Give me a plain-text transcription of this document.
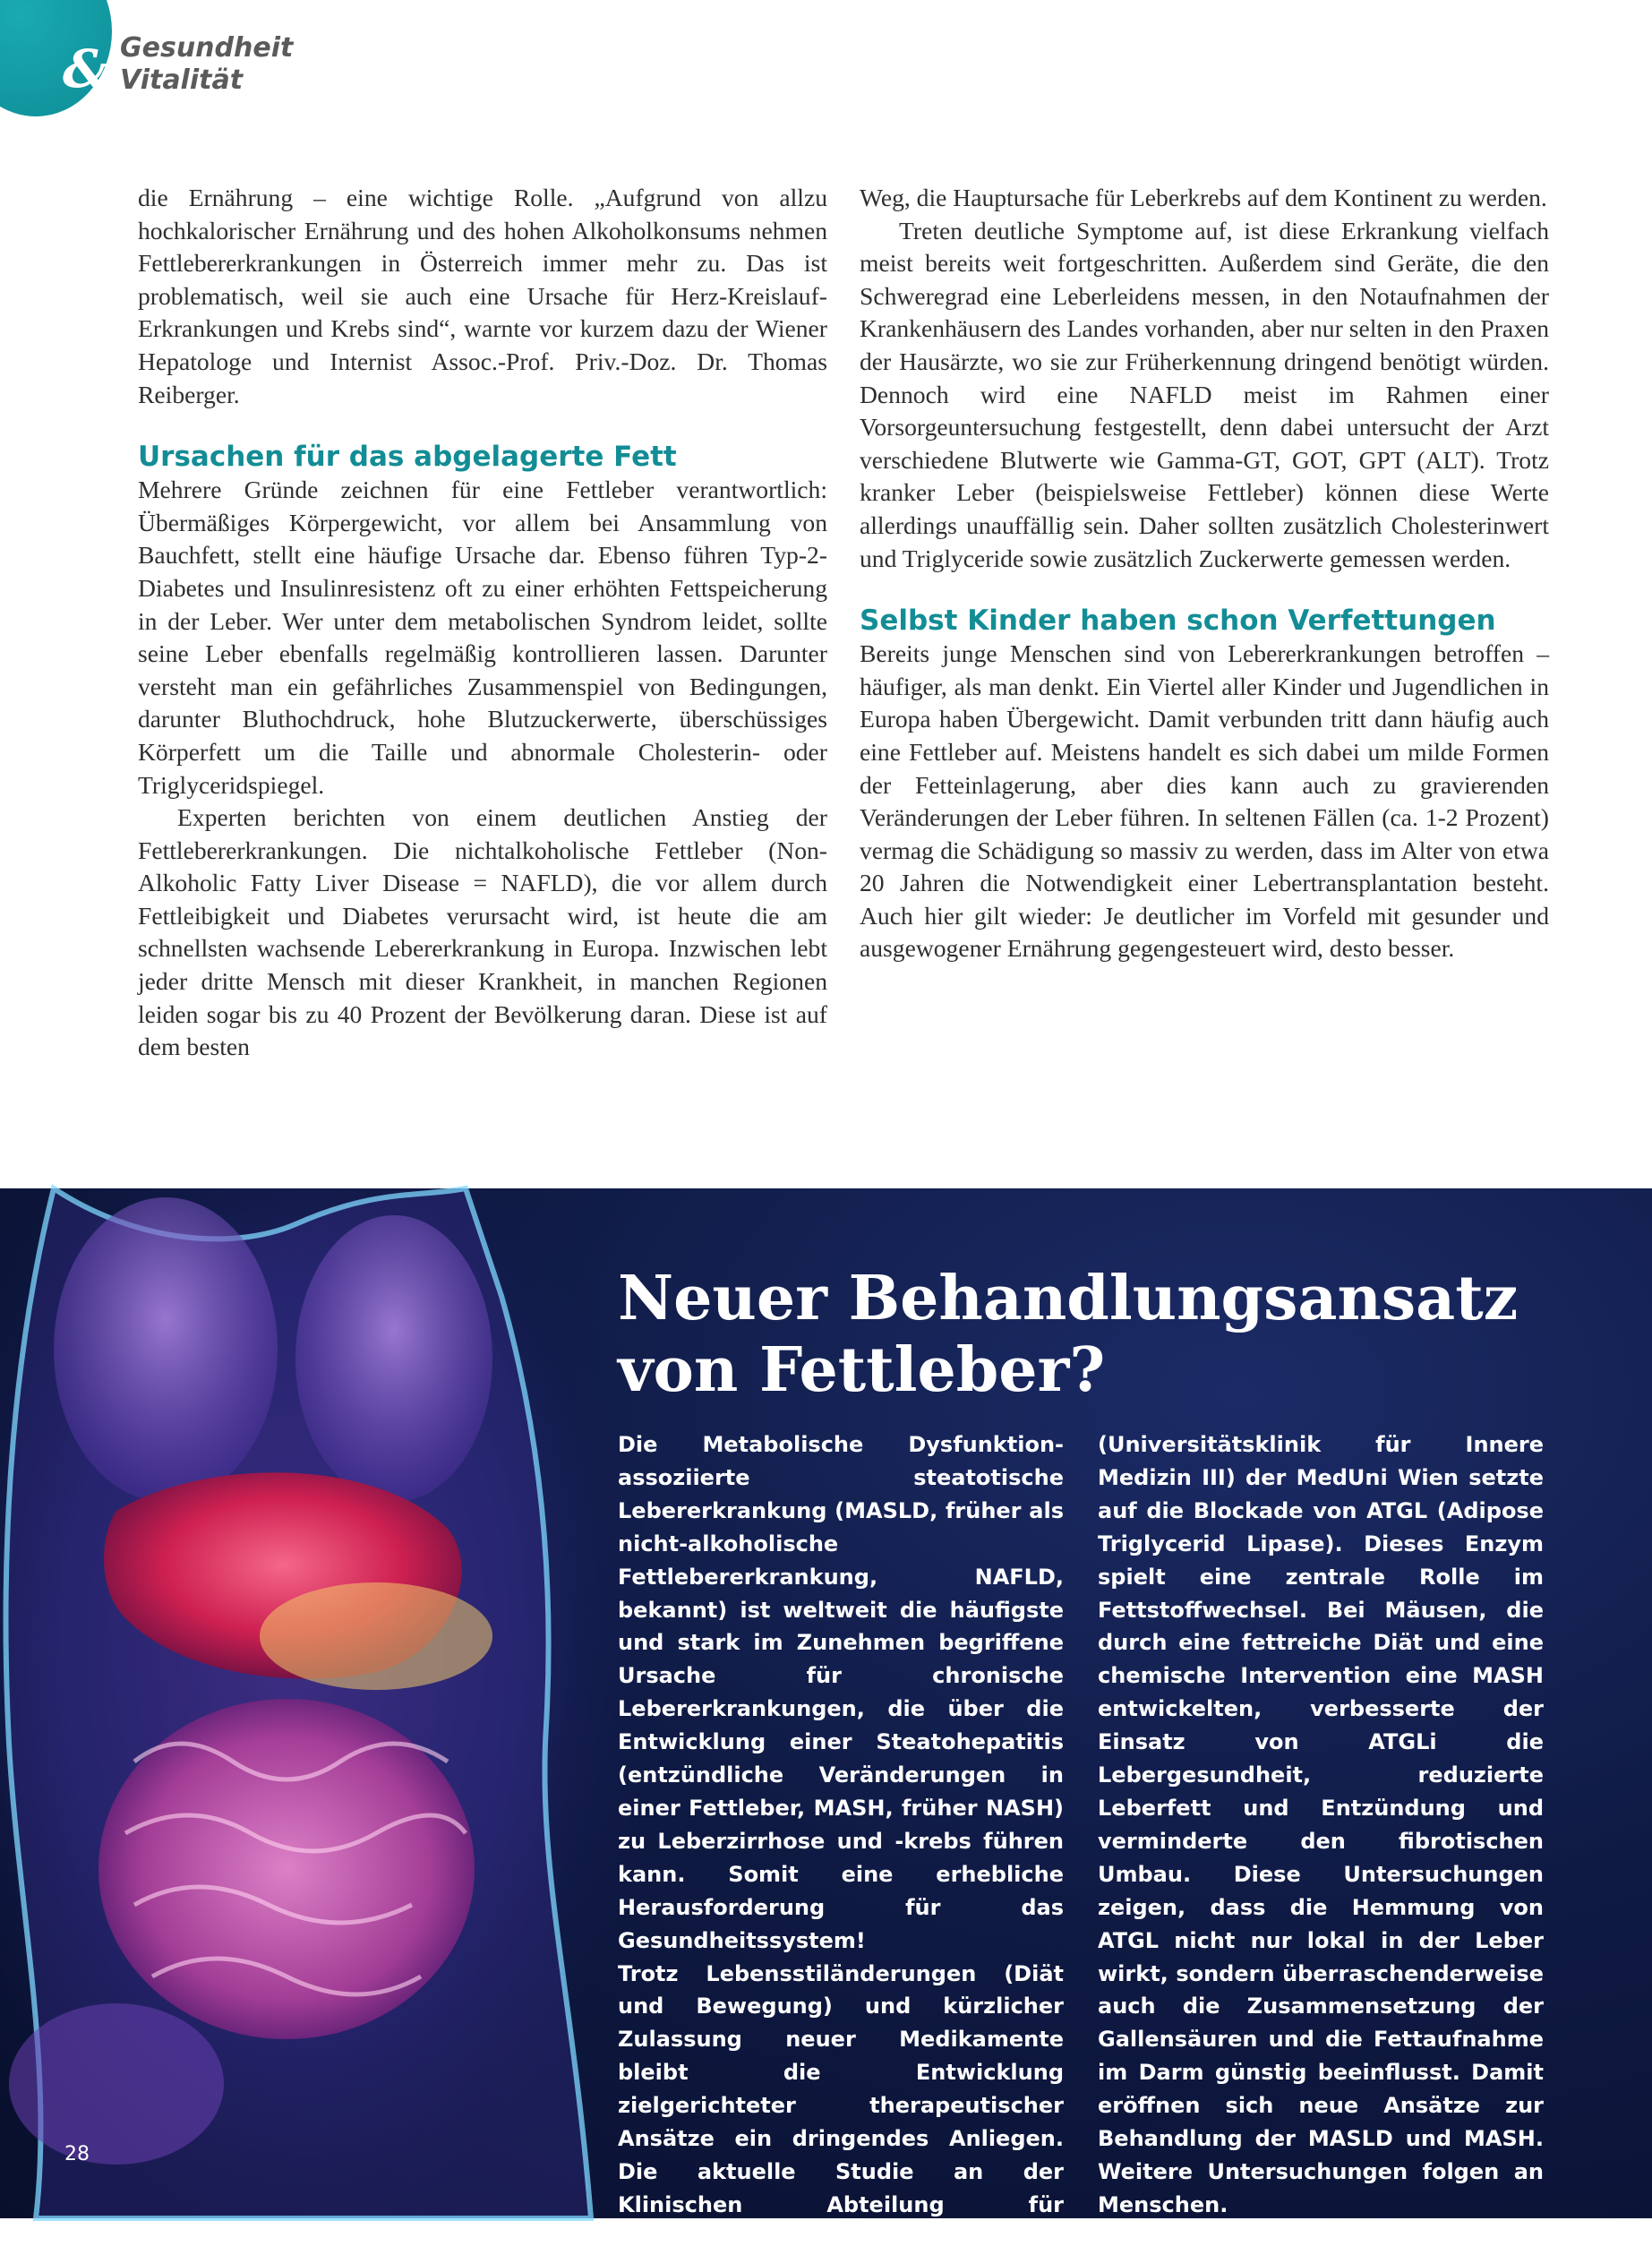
& Gesundheit
Vitalität

die Ernährung – eine wichtige Rolle. „Aufgrund von allzu hochkalorischer Ernährung und des hohen Alkoholkonsums nehmen Fettlebererkrankungen in Österreich immer mehr zu. Das ist problematisch, weil sie auch eine Ursache für Herz-Kreislauf-Erkrankungen und Krebs sind“, warnte vor kurzem dazu der Wiener Hepatologe und Internist Assoc.-Prof. Priv.-Doz. Dr. Thomas Reiberger.

Ursachen für das abgelagerte Fett

Mehrere Gründe zeichnen für eine Fettleber verantwortlich: Übermäßiges Körpergewicht, vor allem bei Ansammlung von Bauchfett, stellt eine häufige Ursache dar. Ebenso führen Typ-2-Diabetes und Insulinresistenz oft zu einer erhöhten Fettspeicherung in der Leber. Wer unter dem metabolischen Syndrom leidet, sollte seine Leber ebenfalls regelmäßig kontrollieren lassen. Darunter versteht man ein gefährliches Zusammenspiel von Bedingungen, darunter Bluthochdruck, hohe Blutzuckerwerte, überschüssiges Körperfett um die Taille und abnormale Cholesterin- oder Triglyceridspiegel.

Experten berichten von einem deutlichen Anstieg der Fettlebererkrankungen. Die nichtalkoholische Fettleber (Non-Alkoholic Fatty Liver Disease = NAFLD), die vor allem durch Fettleibigkeit und Diabetes verursacht wird, ist heute die am schnellsten wachsende Lebererkrankung in Europa. Inzwischen lebt jeder dritte Mensch mit dieser Krankheit, in manchen Regionen leiden sogar bis zu 40 Prozent der Bevölkerung daran. Diese ist auf dem besten

Weg, die Hauptursache für Leberkrebs auf dem Kontinent zu werden.

Treten deutliche Symptome auf, ist diese Erkrankung vielfach meist bereits weit fortgeschritten. Außerdem sind Geräte, die den Schweregrad eine Leberleidens messen, in den Notaufnahmen der Krankenhäusern des Landes vorhanden, aber nur selten in den Praxen der Hausärzte, wo sie zur Früherkennung dringend benötigt würden. Dennoch wird eine NAFLD meist im Rahmen einer Vorsorgeuntersuchung festgestellt, denn dabei untersucht der Arzt verschiedene Blutwerte wie Gamma-GT, GOT, GPT (ALT). Trotz kranker Leber (beispielsweise Fettleber) können diese Werte allerdings unauffällig sein. Daher sollten zusätzlich Cholesterinwert und Triglyceride sowie zusätzlich Zuckerwerte gemessen werden.

Selbst Kinder haben schon Verfettungen

Bereits junge Menschen sind von Lebererkrankungen betroffen – häufiger, als man denkt. Ein Viertel aller Kinder und Jugendlichen in Europa haben Übergewicht. Damit verbunden tritt dann häufig auch eine Fettleber auf. Meistens handelt es sich dabei um milde Formen der Fetteinlagerung, aber dies kann auch zu gravierenden Veränderungen der Leber führen. In seltenen Fällen (ca. 1-2 Prozent) vermag die Schädigung so massiv zu werden, dass im Alter von etwa 20 Jahren die Notwendigkeit einer Lebertransplantation besteht. Auch hier gilt wieder: Je deutlicher im Vorfeld mit gesunder und ausgewogener Ernährung gegengesteuert wird, desto besser.

Neuer Behandlungsansatz
von Fettleber?

Die Metabolische Dysfunktion-assoziierte steatotische Lebererkrankung (MASLD, früher als nicht-alkoholische Fettlebererkrankung, NAFLD, bekannt) ist weltweit die häufigste und stark im Zunehmen begriffene Ursache für chronische Lebererkrankungen, die über die Entwicklung einer Steatohepatitis (entzündliche Veränderungen in einer Fettleber, MASH, früher NASH) zu Leberzirrhose und -krebs führen kann. Somit eine erhebliche Herausforderung für das Gesundheitssystem!

Trotz Lebensstiländerungen (Diät und Bewegung) und kürzlicher Zulassung neuer Medikamente bleibt die Entwicklung zielgerichteter therapeutischer Ansätze ein dringendes Anliegen. Die aktuelle Studie an der Klinischen Abteilung für Gastroenterologie und Hepatologie

(Universitätsklinik für Innere Medizin III) der MedUni Wien setzte auf die Blockade von ATGL (Adipose Triglycerid Lipase). Dieses Enzym spielt eine zentrale Rolle im Fettstoffwechsel. Bei Mäusen, die durch eine fettreiche Diät und eine chemische Intervention eine MASH entwickelten, verbesserte der Einsatz von ATGLi die Lebergesundheit, reduzierte Leberfett und Entzündung und verminderte den fibrotischen Umbau. Diese Untersuchungen zeigen, dass die Hemmung von ATGL nicht nur lokal in der Leber wirkt, sondern überraschenderweise auch die Zusammensetzung der Gallensäuren und die Fettaufnahme im Darm günstig beeinflusst. Damit eröffnen sich neue Ansätze zur Behandlung der MASLD und MASH. Weitere Untersuchungen folgen an Menschen.

28
